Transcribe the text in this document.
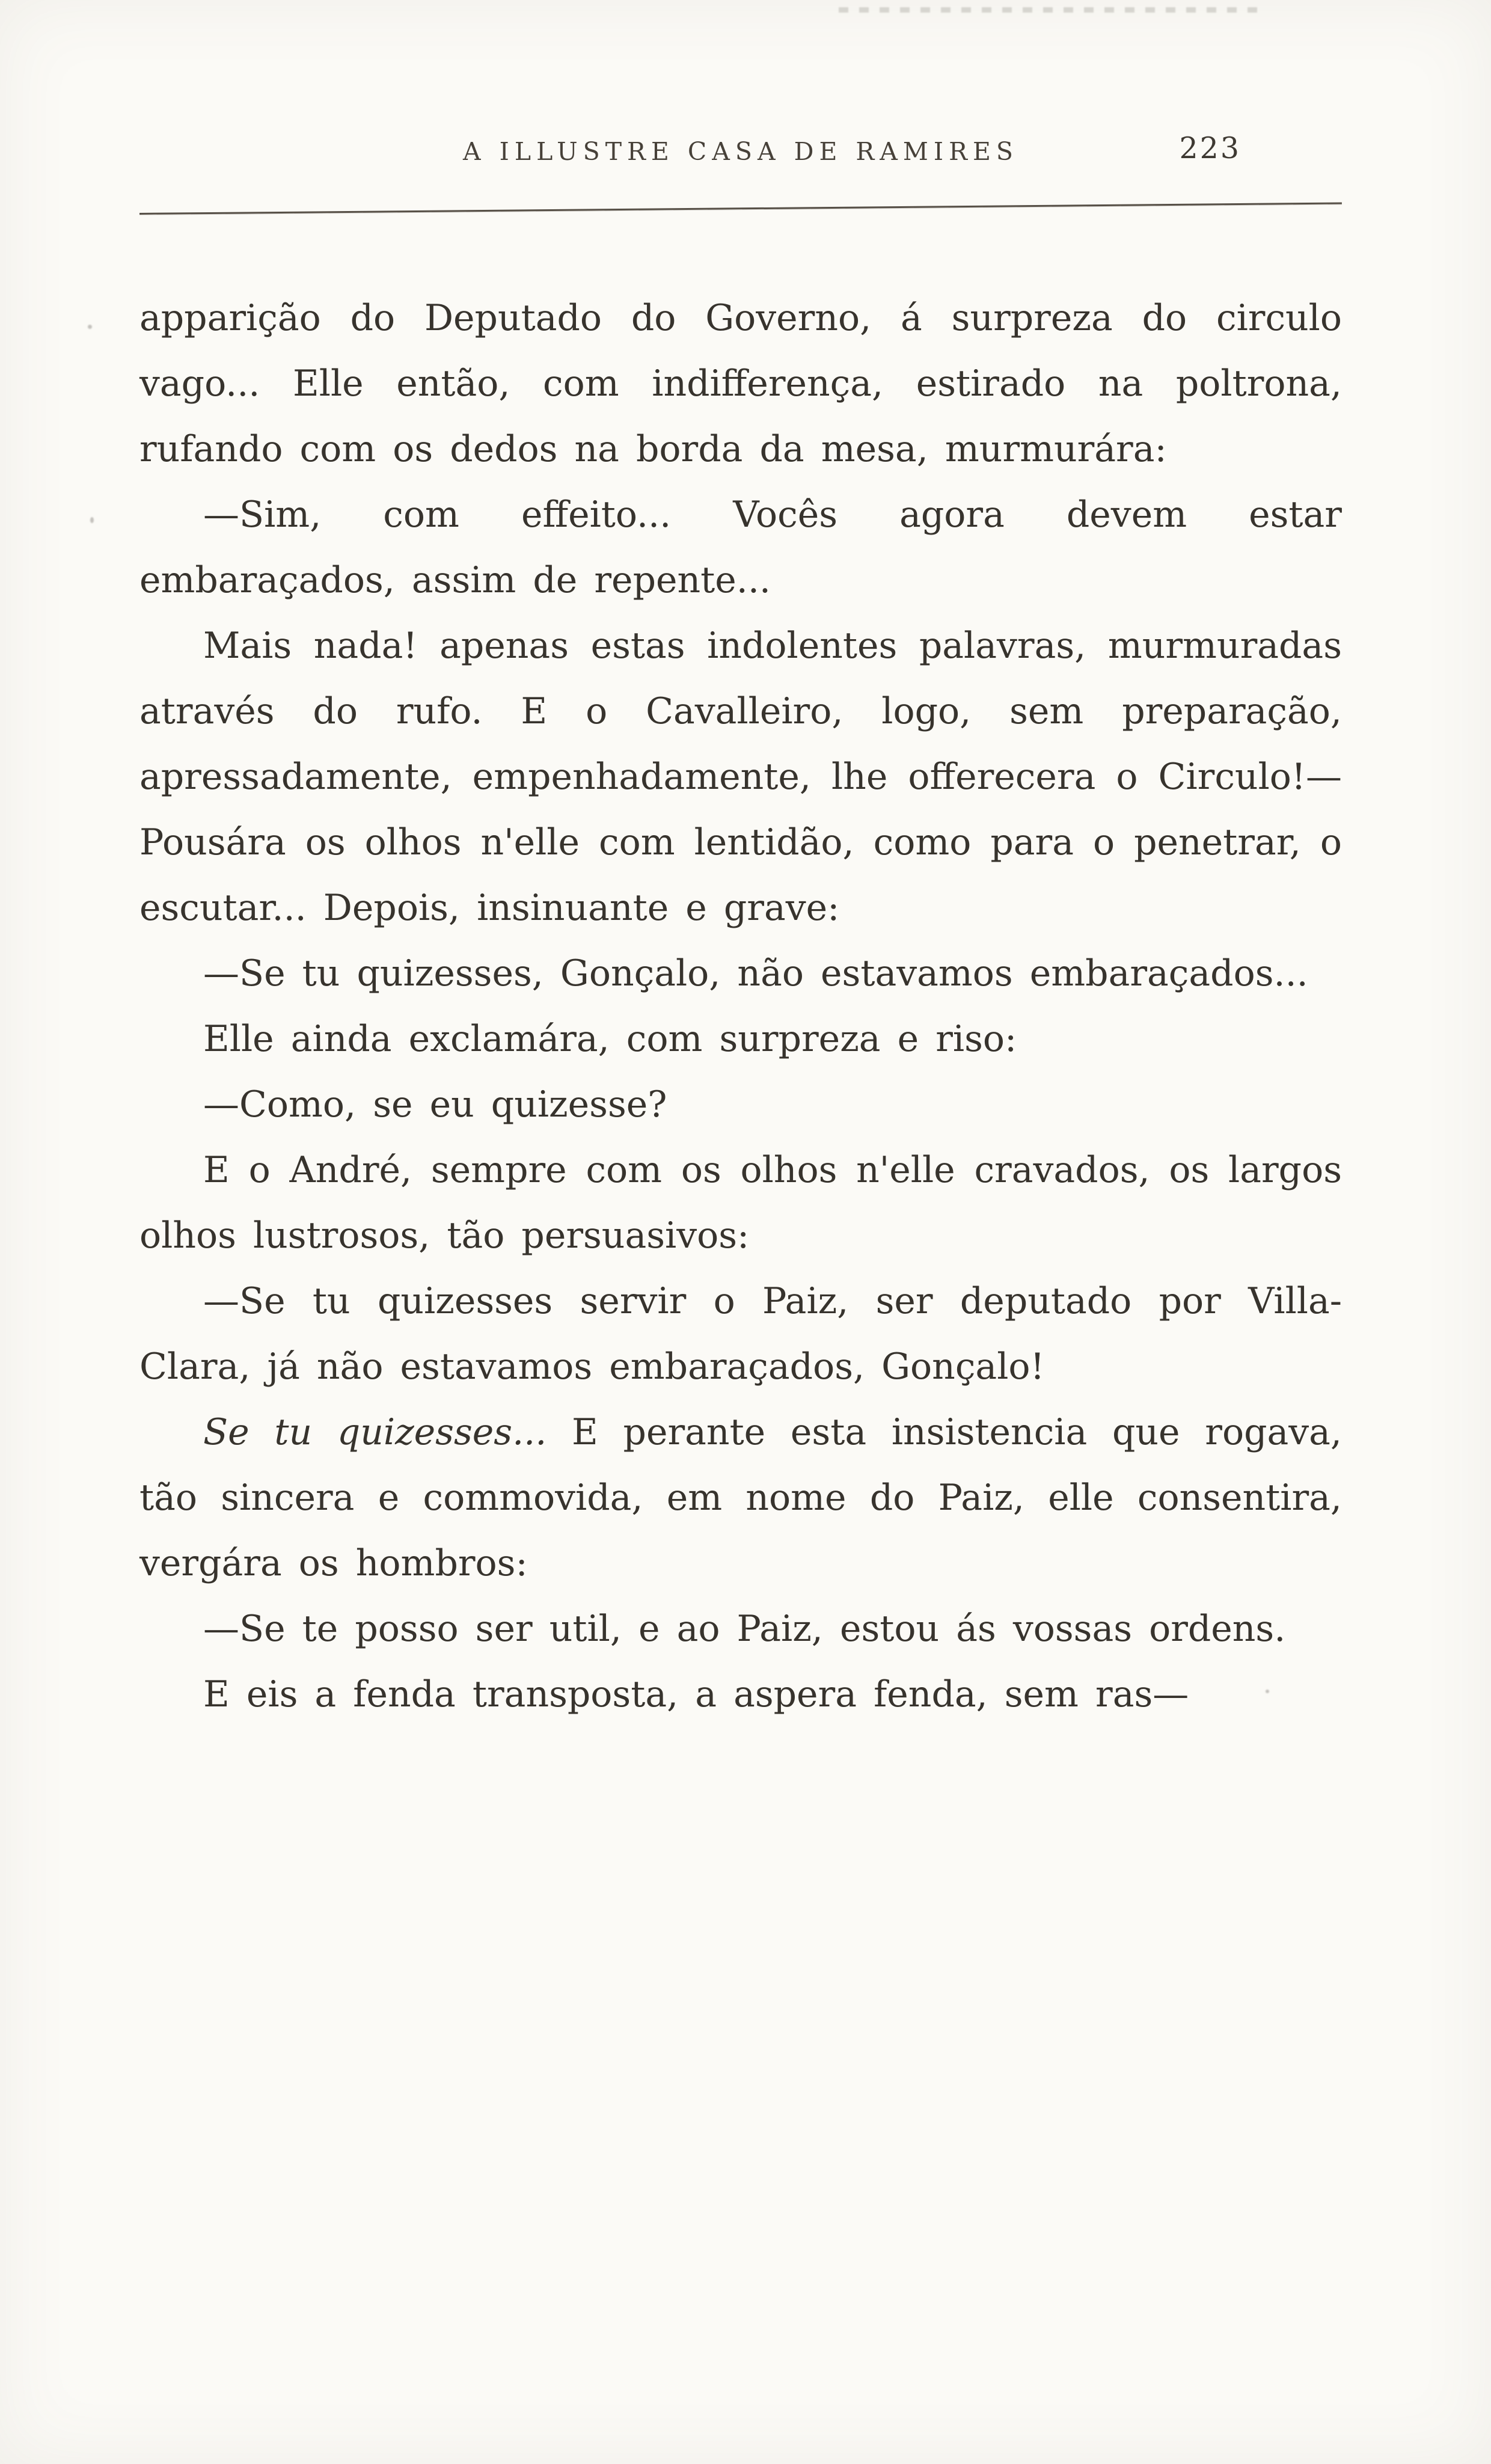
A ILLUSTRE CASA DE RAMIRES	223

apparição do Deputado do Governo, á surpreza do circulo vago... Elle então, com indifferença, estirado na poltrona, rufando com os dedos na borda da mesa, murmurára:

—Sim, com effeito... Vocês agora devem estar embaraçados, assim de repente...

Mais nada! apenas estas indolentes palavras, murmuradas através do rufo. E o Cavalleiro, logo, sem preparação, apressadamente, empenhadamente, lhe offerecera o Circulo!—Pousára os olhos n'elle com lentidão, como para o penetrar, o escutar... Depois, insinuante e grave:

—Se tu quizesses, Gonçalo, não estavamos embaraçados...

Elle ainda exclamára, com surpreza e riso:

—Como, se eu quizesse?

E o André, sempre com os olhos n'elle cravados, os largos olhos lustrosos, tão persuasivos:

—Se tu quizesses servir o Paiz, ser deputado por Villa-Clara, já não estavamos embaraçados, Gonçalo!

Se tu quizesses... E perante esta insistencia que rogava, tão sincera e commovida, em nome do Paiz, elle consentira, vergára os hombros:

—Se te posso ser util, e ao Paiz, estou ás vossas ordens.

E eis a fenda transposta, a aspera fenda, sem ras—
